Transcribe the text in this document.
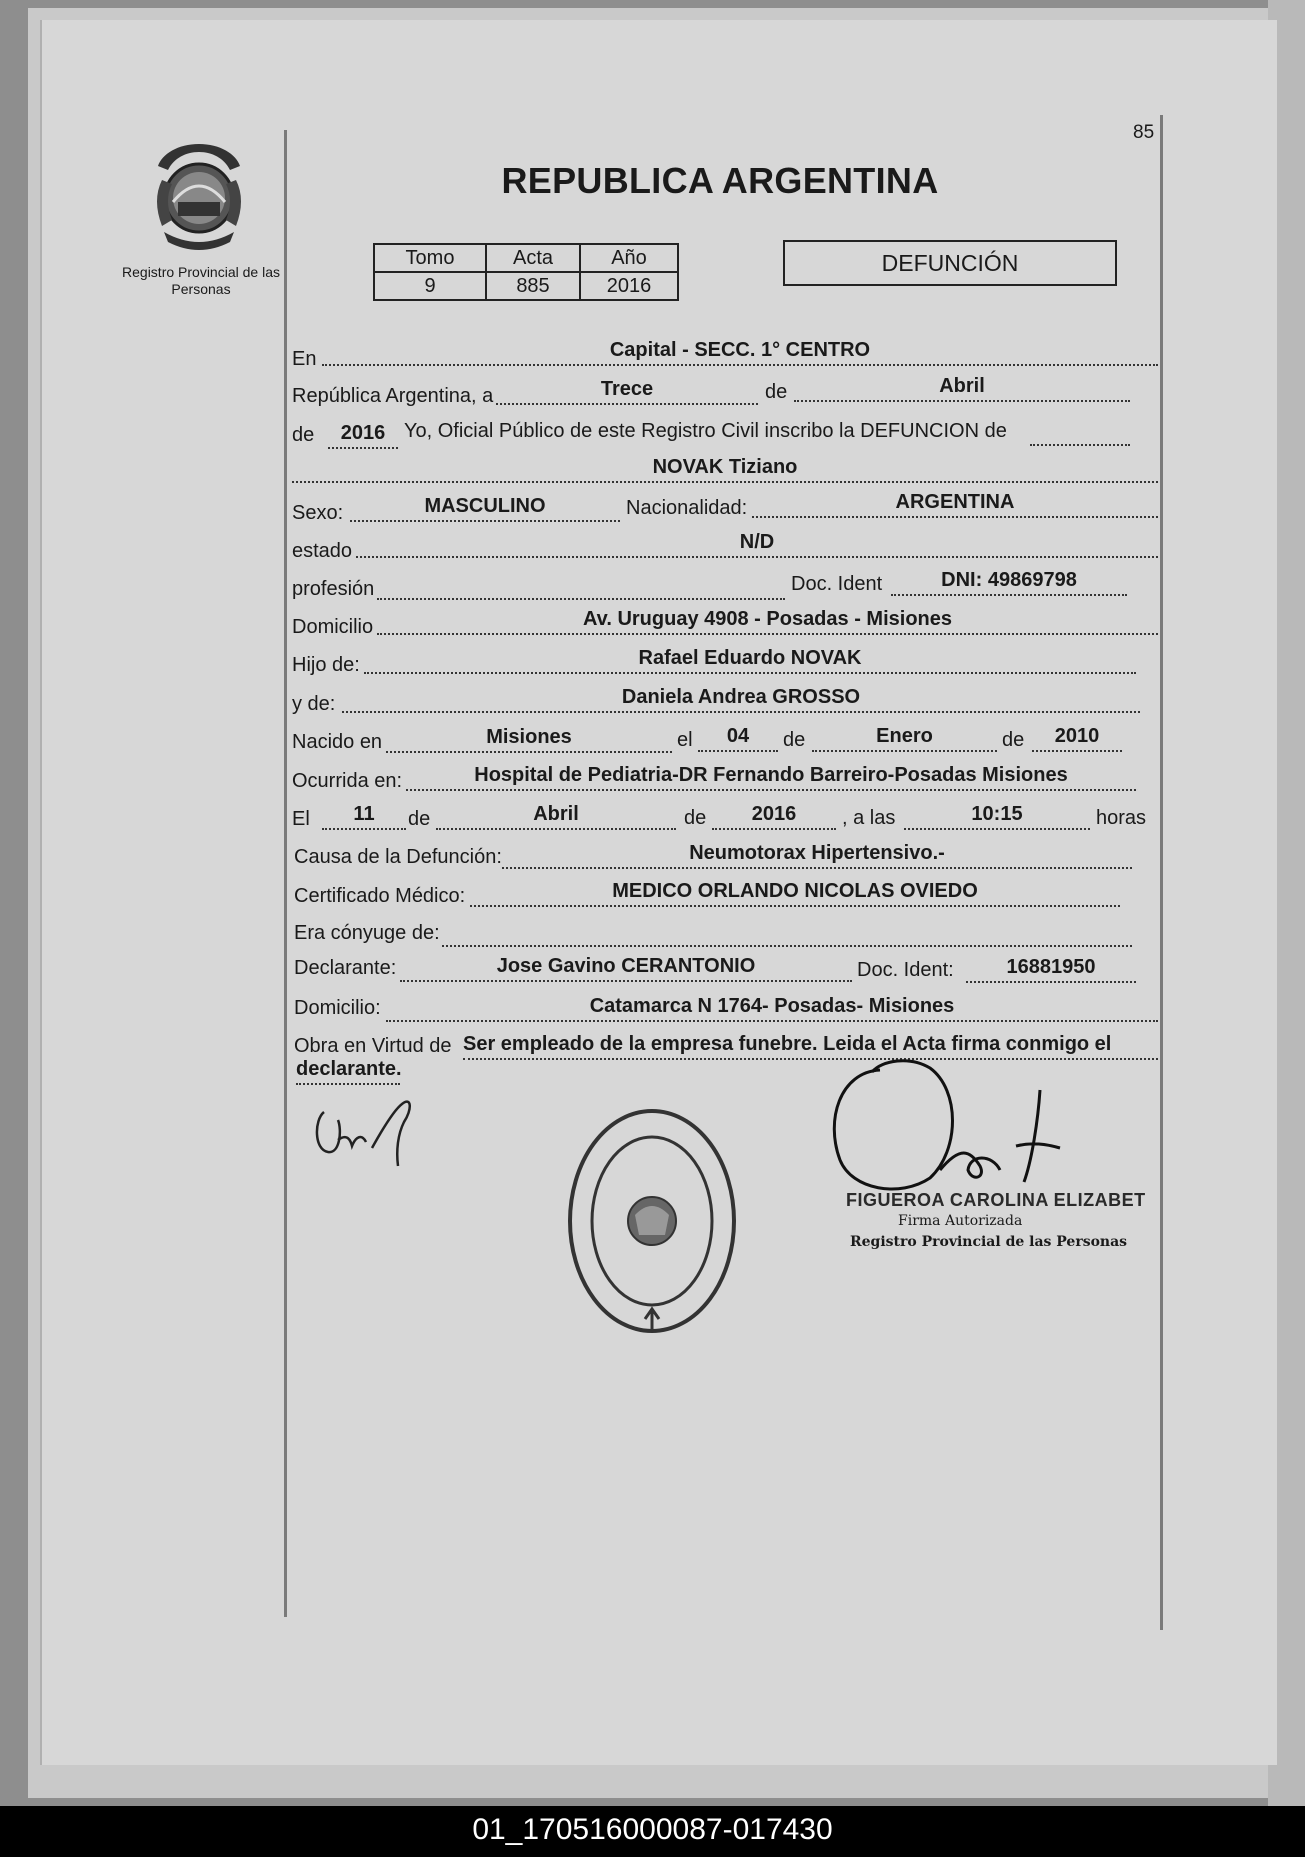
85
Registro Provincial de las Personas
REPUBLICA ARGENTINA
Tomo	Acta	Año
9	885	2016
DEFUNCIÓN
En	Capital - SECC. 1° CENTRO
República Argentina, a	Trece	de	Abril
de	2016 Yo, Oficial Público de este Registro Civil inscribo la DEFUNCION de
NOVAK Tiziano
Sexo:	MASCULINO	Nacionalidad:	ARGENTINA
estado	N/D
profesión	Doc. Ident	DNI: 49869798
Domicilio	Av. Uruguay 4908 - Posadas - Misiones
Hijo de:	Rafael Eduardo NOVAK
y de:	Daniela Andrea GROSSO
Nacido en	Misiones	el	04	de	Enero	de	2010
Ocurrida en:	Hospital de Pediatria-DR Fernando Barreiro-Posadas Misiones
El	11	de	Abril	de	2016	, a las	10:15	horas
Causa de la Defunción:	Neumotorax Hipertensivo.-
Certificado Médico:	MEDICO ORLANDO NICOLAS OVIEDO
Era cónyuge de:
Declarante:	Jose Gavino CERANTONIO	Doc. Ident:	16881950
Domicilio:	Catamarca N 1764- Posadas- Misiones
Obra en Virtud de Ser empleado de la empresa funebre. Leida el Acta firma conmigo el
declarante.
FIGUEROA CAROLINA ELIZABET
Firma Autorizada
Registro Provincial de las Personas
01_170516000087-017430
